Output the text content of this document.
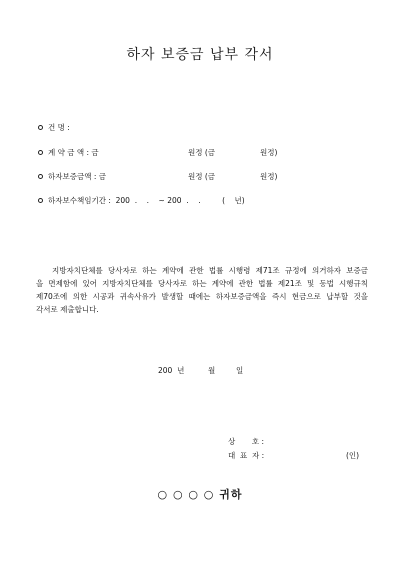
하자 보증금 납부 각서
건 명 :
계 약 금 액 : 금	원정 (금	원정)
하자보증금액 : 금	원정 (금	원정)
하자보수책임기간 :  200  .    .    ~ 200  .    .         (    년)
지방자치단체를 당사자로 하는 계약에 관한 법률 시행령 제71조 규정에 의거하자 보증금
을 면제함에 있어 지방자치단체를 당사자로 하는 계약에 관한 법률 제21조 및 동법 시행규칙
제70조에 의한 시공과 귀속사유가 발생할 때에는 하자보증금액을 즉시 현금으로 납부할 것을
각서로 제출합니다.
200  년	월	일
상       호 :
대  표  자 :	(인)
○ ○ ○ ○ 귀하
